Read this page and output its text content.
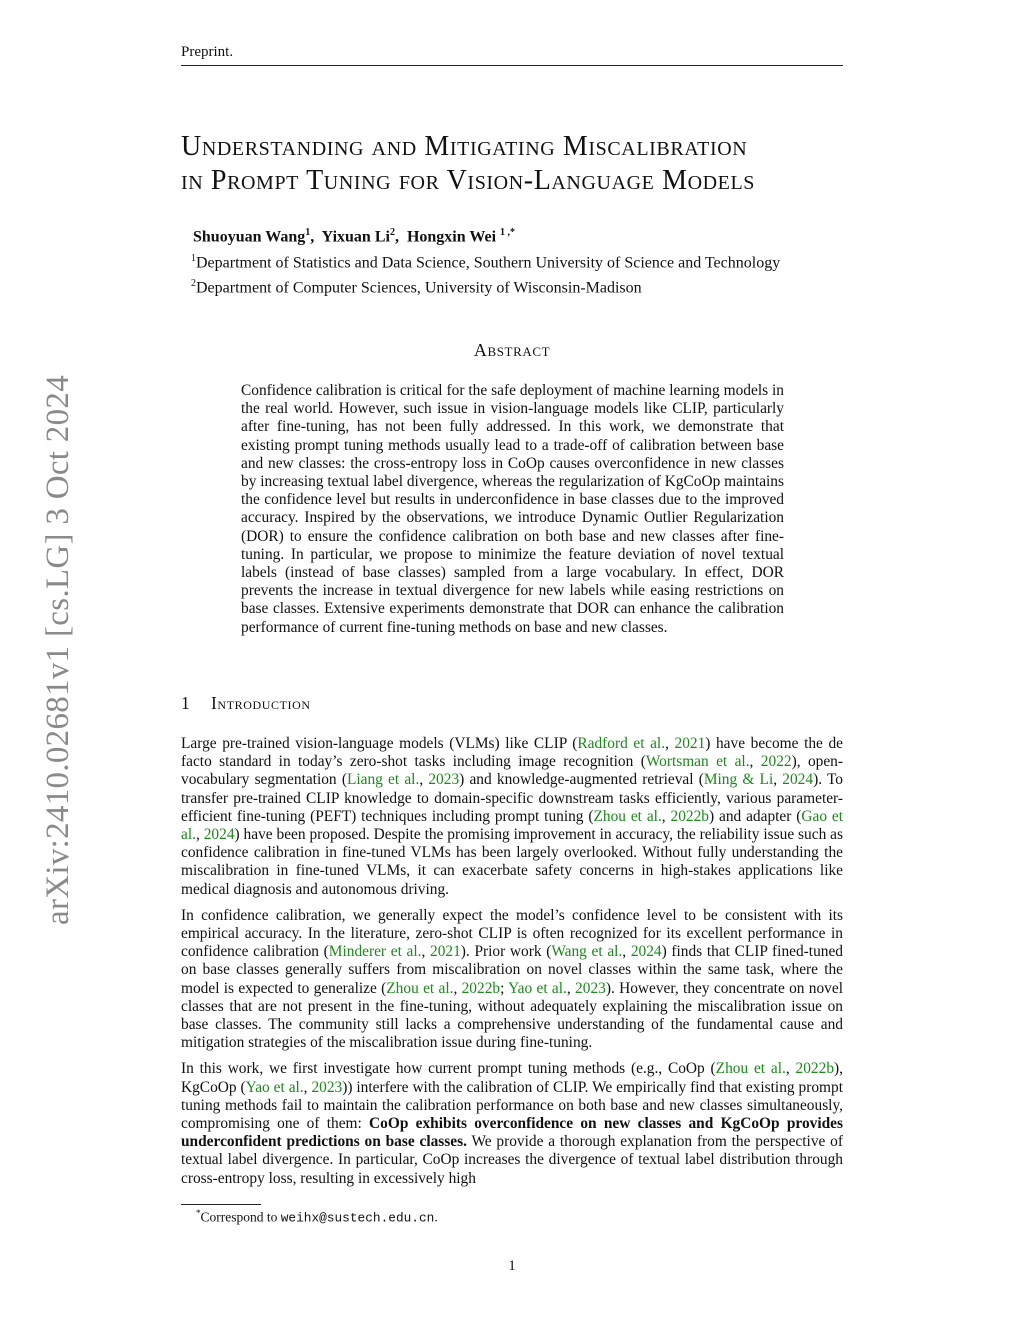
Preprint.
arXiv:2410.02681v1 [cs.LG] 3 Oct 2024
Understanding and Mitigating Miscalibration
in Prompt Tuning for Vision-Language Models
Shuoyuan Wang$^1$,  Yixuan Li$^2$,  Hongxin Wei $^{1 ,*}$
$^1$Department of Statistics and Data Science, Southern University of Science and Technology
$^2$Department of Computer Sciences, University of Wisconsin-Madison
Abstract
Confidence calibration is critical for the safe deployment of machine learning models in the real world. However, such issue in vision-language models like CLIP, particularly after fine-tuning, has not been fully addressed. In this work, we demonstrate that existing prompt tuning methods usually lead to a trade-off of calibration between base and new classes: the cross-entropy loss in CoOp causes overconfidence in new classes by increasing textual label divergence, whereas the regularization of KgCoOp maintains the confidence level but results in underconfidence in base classes due to the improved accuracy. Inspired by the observations, we introduce Dynamic Outlier Regularization (DOR) to ensure the confidence calibration on both base and new classes after fine-tuning. In particular, we propose to minimize the feature deviation of novel textual labels (instead of base classes) sampled from a large vocabulary. In effect, DOR prevents the increase in textual divergence for new labels while easing restrictions on base classes. Extensive experiments demonstrate that DOR can enhance the calibration performance of current fine-tuning methods on base and new classes.
1 Introduction

Large pre-trained vision-language models (VLMs) like CLIP (Radford et al., 2021) have become the de facto standard in today’s zero-shot tasks including image recognition (Wortsman et al., 2022), open-vocabulary segmentation (Liang et al., 2023) and knowledge-augmented retrieval (Ming & Li, 2024). To transfer pre-trained CLIP knowledge to domain-specific downstream tasks efficiently, various parameter-efficient fine-tuning (PEFT) techniques including prompt tuning (Zhou et al., 2022b) and adapter (Gao et al., 2024) have been proposed. Despite the promising improvement in accuracy, the reliability issue such as confidence calibration in fine-tuned VLMs has been largely overlooked. Without fully understanding the miscalibration in fine-tuned VLMs, it can exacerbate safety concerns in high-stakes applications like medical diagnosis and autonomous driving.

In confidence calibration, we generally expect the model’s confidence level to be consistent with its empirical accuracy. In the literature, zero-shot CLIP is often recognized for its excellent performance in confidence calibration (Minderer et al., 2021). Prior work (Wang et al., 2024) finds that CLIP fined-tuned on base classes generally suffers from miscalibration on novel classes within the same task, where the model is expected to generalize (Zhou et al., 2022b; Yao et al., 2023). However, they concentrate on novel classes that are not present in the fine-tuning, without adequately explaining the miscalibration issue on base classes. The community still lacks a comprehensive understanding of the fundamental cause and mitigation strategies of the miscalibration issue during fine-tuning.

In this work, we first investigate how current prompt tuning methods (e.g., CoOp (Zhou et al., 2022b), KgCoOp (Yao et al., 2023)) interfere with the calibration of CLIP. We empirically find that existing prompt tuning methods fail to maintain the calibration performance on both base and new classes simultaneously, compromising one of them: CoOp exhibits overconfidence on new classes and KgCoOp provides underconfident predictions on base classes. We provide a thorough explanation from the perspective of textual label divergence. In particular, CoOp increases the divergence of textual label distribution through cross-entropy loss, resulting in excessively high

*Correspond to weihx@sustech.edu.cn.
1
